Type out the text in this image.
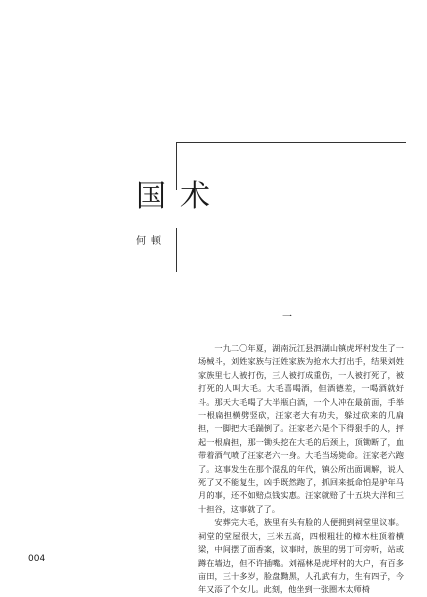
国术
何顿
一

一九二〇年夏，湖南沅江县泗湖山镇虎坪村发生了一场械斗，刘姓家族与汪姓家族为抢水大打出手，结果刘姓家族里七人被打伤，三人被打成重伤，一人被打死了，被打死的人叫大毛。大毛喜喝酒，但酒德差，一喝酒就好斗。那天大毛喝了大半瓶白酒，一个人冲在最前面，手举一根扁担横劈竖砍，汪家老大有功夫，躲过砍来的几扁担，一脚把大毛踹倒了。汪家老六是个下得狠手的人，抨起一根扁担，那一锄头挖在大毛的后颈上，顶锄断了，血带着酒气喷了汪家老六一身。大毛当场毙命。汪家老六跑了。这事发生在那个混乱的年代，镇公所出面调解，说人死了又不能复生，凶手既然跑了，抓回来抵命怕是驴年马月的事，还不如赔点钱实惠。汪家就赔了十五块大洋和三十担谷，这事就了了。

安葬完大毛，族里有头有脸的人便拥到祠堂里议事。祠堂的堂屋很大，三米五高，四根粗壮的樟木柱顶着横梁，中间摆了面香案，议事时，族里的男丁可旁听，站或蹲在墙边，但不许插嘴。刘福林是虎坪村的大户，有百多亩田，三十多岁，脸盘黝黑，人孔武有力，生有四子，今年又添了个女儿。此刻，他坐到一张圈木太师椅

004
